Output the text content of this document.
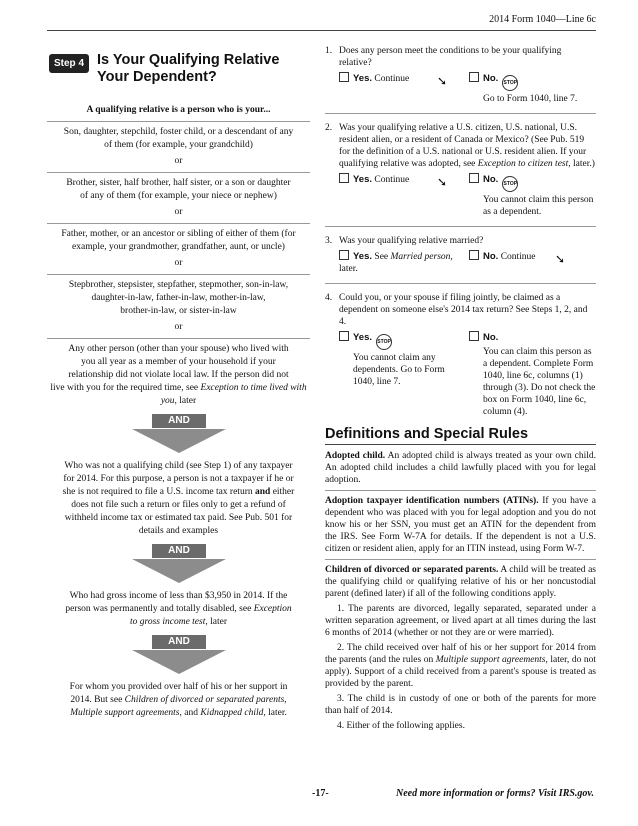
2014 Form 1040—Line 6c
Step 4 Is Your Qualifying Relative
Your Dependent?
A qualifying relative is a person who is your...
Son, daughter, stepchild, foster child, or a descendant of any
of them (for example, your grandchild)
or
Brother, sister, half brother, half sister, or a son or daughter
of any of them (for example, your niece or nephew)
or
Father, mother, or an ancestor or sibling of either of them (for
example, your grandmother, grandfather, aunt, or uncle)
or
Stepbrother, stepsister, stepfather, stepmother, son-in-law,
daughter-in-law, father-in-law, mother-in-law,
brother-in-law, or sister-in-law
or
Any other person (other than your spouse) who lived with
you all year as a member of your household if your
relationship did not violate local law. If the person did not
live with you for the required time, see Exception to time lived with you, later
AND
Who was not a qualifying child (see Step 1) of any taxpayer
for 2014. For this purpose, a person is not a taxpayer if he or
she is not required to file a U.S. income tax return and either
does not file such a return or files only to get a refund of
withheld income tax or estimated tax paid. See Pub. 501 for
details and examples
AND
Who had gross income of less than $3,950 in 2014. If the
person was permanently and totally disabled, see Exception
to gross income test, later
AND
For whom you provided over half of his or her support in
2014. But see Children of divorced or separated parents,
Multiple support agreements, and Kidnapped child, later.
1. Does any person meet the conditions to be your qualifying relative?
Yes. Continue ➘	No. STOP
Go to Form 1040, line 7.
2. Was your qualifying relative a U.S. citizen, U.S. national, U.S. resident alien, or a resident of Canada or Mexico? (See Pub. 519 for the definition of a U.S. national or U.S. resident alien. If your qualifying relative was adopted, see Exception to citizen test, later.)
Yes. Continue ➘	No. STOP
You cannot claim this person as a dependent.
3. Was your qualifying relative married?
Yes. See Married person, later.
No. Continue ➘
4. Could you, or your spouse if filing jointly, be claimed as a dependent on someone else's 2014 tax return? See Steps 1, 2, and 4.
Yes. STOP
You cannot claim any dependents. Go to Form 1040, line 7.
No.
You can claim this person as a dependent. Complete Form 1040, line 6c, columns (1) through (3). Do not check the box on Form 1040, line 6c, column (4).
Definitions and Special Rules

Adopted child. An adopted child is always treated as your own child. An adopted child includes a child lawfully placed with you for legal adoption.

Adoption taxpayer identification numbers (ATINs). If you have a dependent who was placed with you for legal adoption and you do not know his or her SSN, you must get an ATIN for the dependent from the IRS. See Form W-7A for details. If the dependent is not a U.S. citizen or resident alien, apply for an ITIN instead, using Form W-7.

Children of divorced or separated parents. A child will be treated as the qualifying child or qualifying relative of his or her noncustodial parent (defined later) if all of the following conditions apply.

1. The parents are divorced, legally separated, separated under a written separation agreement, or lived apart at all times during the last 6 months of 2014 (whether or not they are or were married).

2. The child received over half of his or her support for 2014 from the parents (and the rules on Multiple support agreements, later, do not apply). Support of a child received from a parent's spouse is treated as provided by the parent.

3. The child is in custody of one or both of the parents for more than half of 2014.

4. Either of the following applies.

-17-	Need more information or forms? Visit IRS.gov.
